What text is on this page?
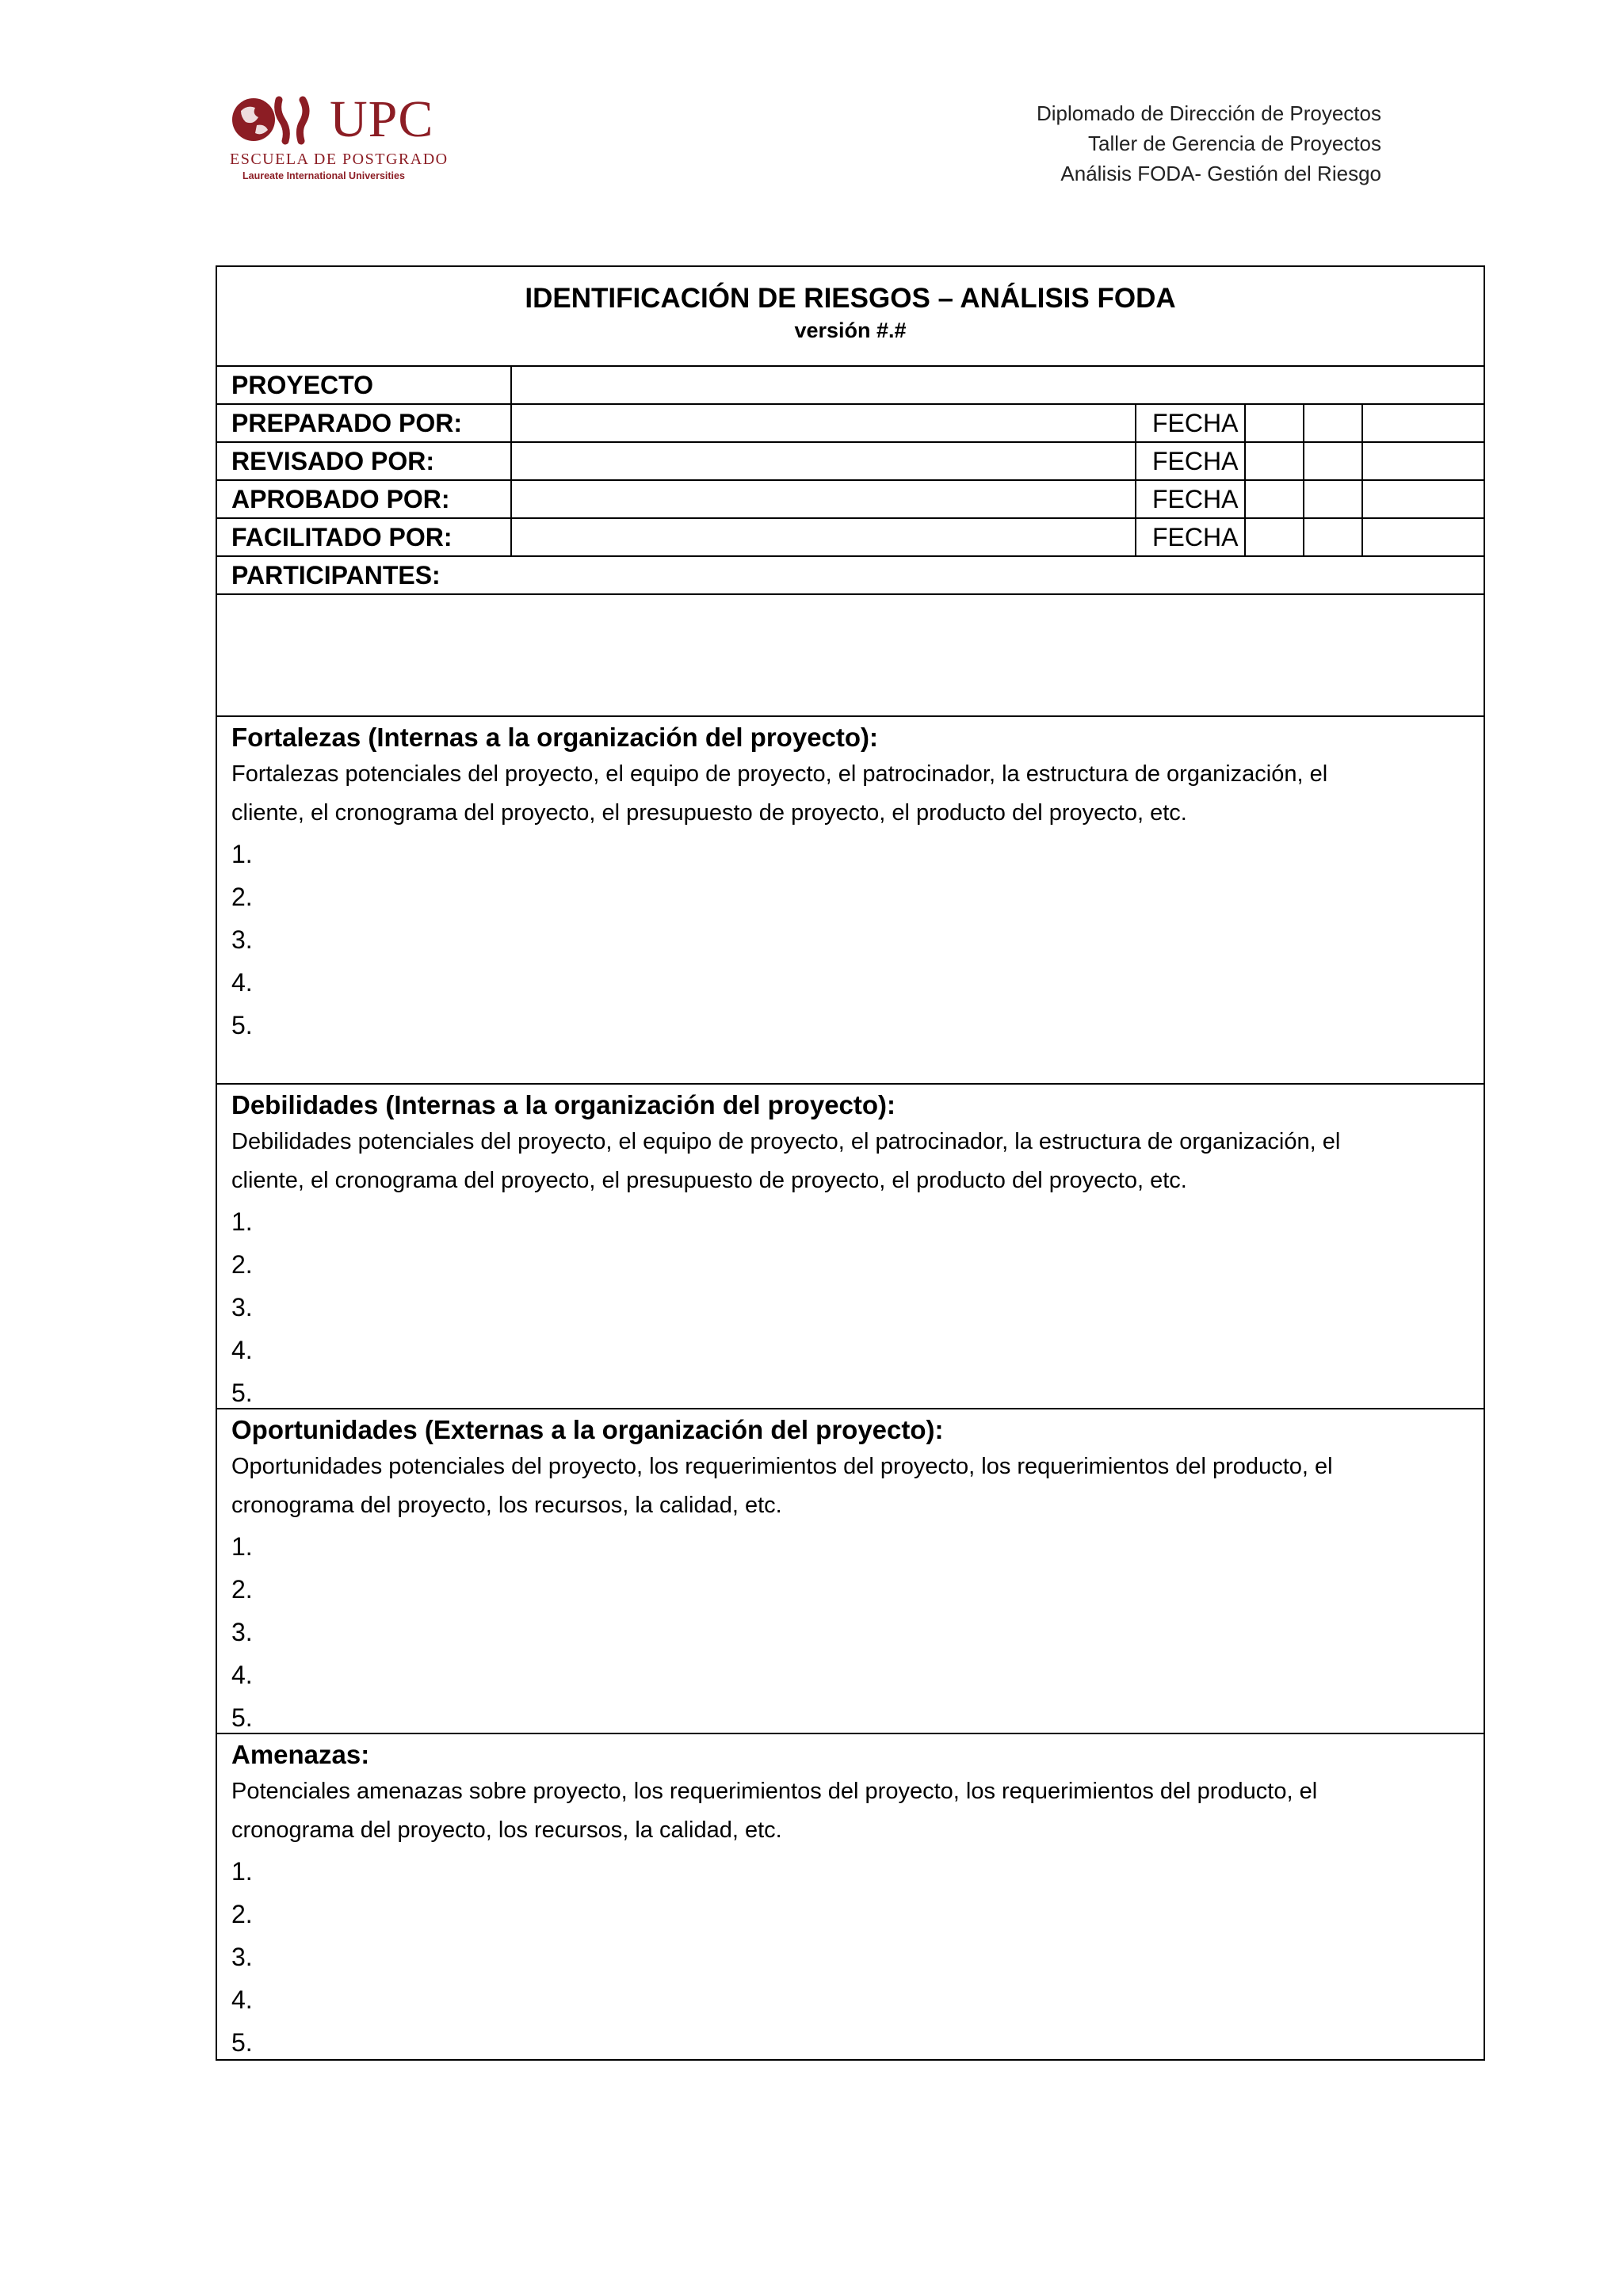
UPC
ESCUELA DE POSTGRADO
Laureate International Universities
Diplomado de Dirección de Proyectos
Taller de Gerencia de Proyectos
Análisis FODA- Gestión del Riesgo
IDENTIFICACIÓN DE RIESGOS – ANÁLISIS FODA
versión #.#
PROYECTO
PREPARADO POR:	FECHA
REVISADO POR:	FECHA
APROBADO POR:	FECHA
FACILITADO POR:	FECHA
PARTICIPANTES:
Fortalezas (Internas a la organización del proyecto):
Fortalezas potenciales del proyecto, el equipo de proyecto, el patrocinador, la estructura de organización, el
cliente, el cronograma del proyecto, el presupuesto de proyecto, el producto del proyecto, etc.
1.
2.
3.
4.
5.
Debilidades (Internas a la organización del proyecto):
Debilidades potenciales del proyecto, el equipo de proyecto, el patrocinador, la estructura de organización, el
cliente, el cronograma del proyecto, el presupuesto de proyecto, el producto del proyecto, etc.
1.
2.
3.
4.
5.
Oportunidades (Externas a la organización del proyecto):
Oportunidades potenciales del proyecto, los requerimientos del proyecto, los requerimientos del producto, el
cronograma del proyecto, los recursos, la calidad, etc.
1.
2.
3.
4.
5.
Amenazas:
Potenciales amenazas sobre proyecto, los requerimientos del proyecto, los requerimientos del producto, el
cronograma del proyecto, los recursos, la calidad, etc.
1.
2.
3.
4.
5.
